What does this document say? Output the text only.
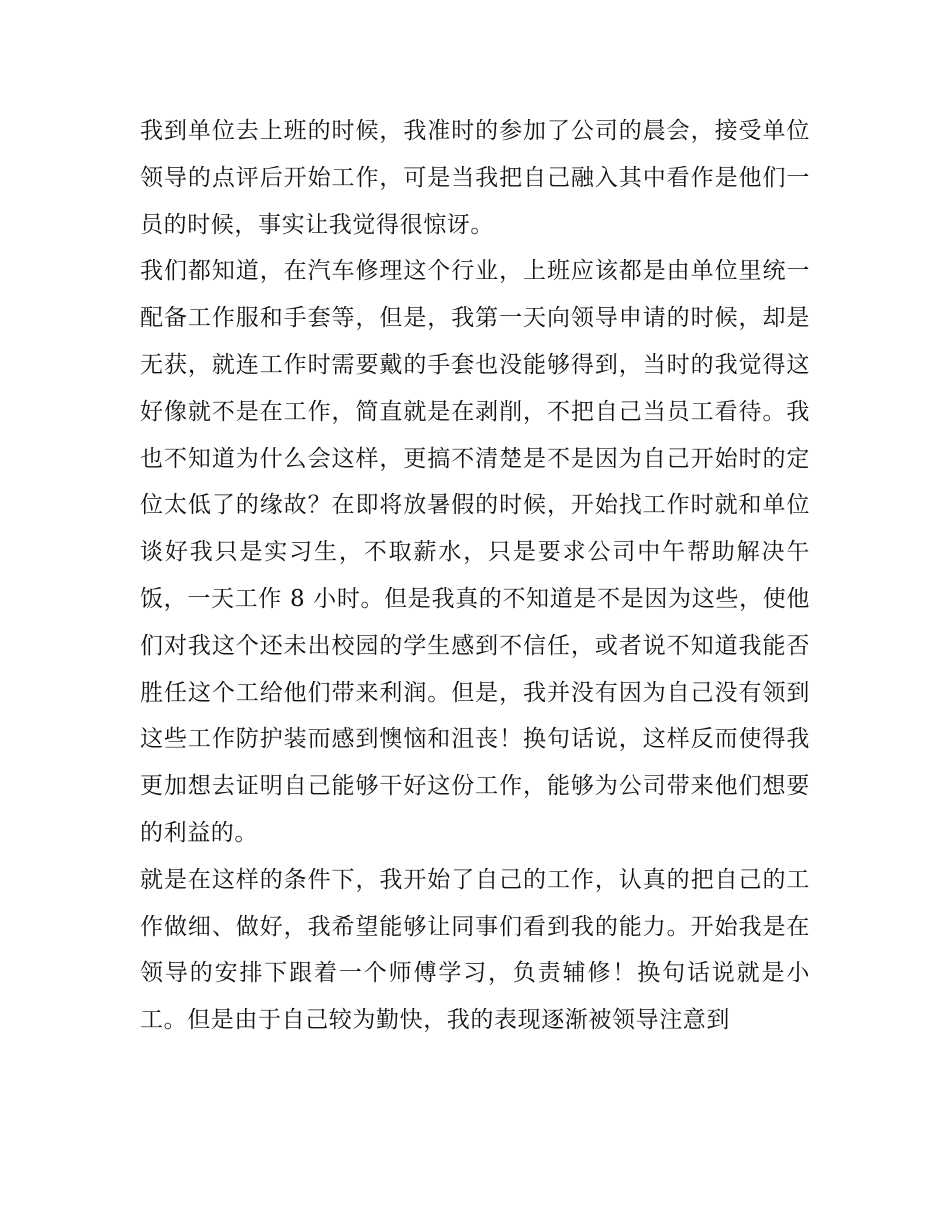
我到单位去上班的时候，我准时的参加了公司的晨会，接受单位领导的点评后开始工作，可是当我把自己融入其中看作是他们一员的时候，事实让我觉得很惊讶。

我们都知道，在汽车修理这个行业，上班应该都是由单位里统一配备工作服和手套等，但是，我第一天向领导申请的时候，却是无获，就连工作时需要戴的手套也没能够得到，当时的我觉得这好像就不是在工作，简直就是在剥削，不把自己当员工看待。我也不知道为什么会这样，更搞不清楚是不是因为自己开始时的定位太低了的缘故？在即将放暑假的时候，开始找工作时就和单位谈好我只是实习生，不取薪水，只是要求公司中午帮助解决午饭，一天工作 8 小时。但是我真的不知道是不是因为这些，使他们对我这个还未出校园的学生感到不信任，或者说不知道我能否胜任这个工给他们带来利润。但是，我并没有因为自己没有领到这些工作防护装而感到懊恼和沮丧！换句话说，这样反而使得我更加想去证明自己能够干好这份工作，能够为公司带来他们想要的利益的。

就是在这样的条件下，我开始了自己的工作，认真的把自己的工作做细、做好，我希望能够让同事们看到我的能力。开始我是在领导的安排下跟着一个师傅学习，负责辅修！换句话说就是小工。但是由于自己较为勤快，我的表现逐渐被领导注意到
